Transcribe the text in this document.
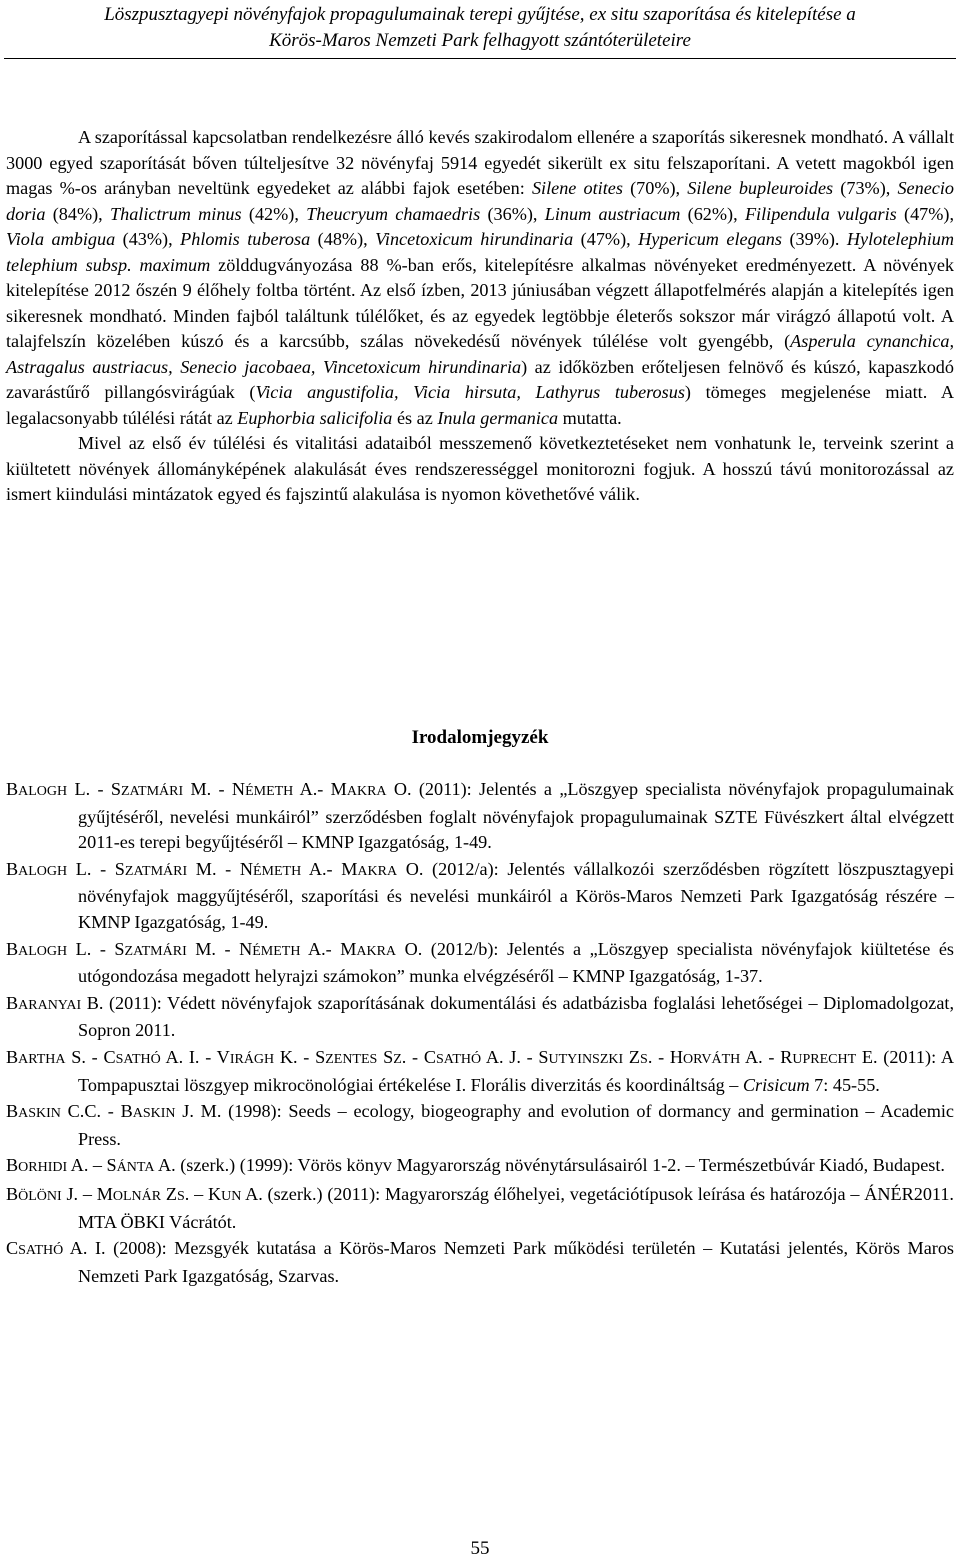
Löszpusztagyepi növényfajok propagulumainak terepi gyűjtése, ex situ szaporítása és kitelepítése a
Körös-Maros Nemzeti Park felhagyott szántóterületeire

A szaporítással kapcsolatban rendelkezésre álló kevés szakirodalom ellenére a szaporítás sikeresnek mondható. A vállalt 3000 egyed szaporítását bőven túlteljesítve 32 növényfaj 5914 egyedét sikerült ex situ felszaporítani. A vetett magokból igen magas %-os arányban neveltünk egyedeket az alábbi fajok esetében: Silene otites (70%), Silene bupleuroides (73%), Senecio doria (84%), Thalictrum minus (42%), Theucryum chamaedris (36%), Linum austriacum (62%), Filipendula vulgaris (47%), Viola ambigua (43%), Phlomis tuberosa (48%), Vincetoxicum hirundinaria (47%), Hypericum elegans (39%). Hylotelephium telephium subsp. maximum zölddugványozása 88 %-ban erős, kitelepítésre alkalmas növényeket eredményezett. A növények kitelepítése 2012 őszén 9 élőhely foltba történt. Az első ízben, 2013 júniusában végzett állapotfelmérés alapján a kitelepítés igen sikeresnek mondható. Minden fajból találtunk túlélőket, és az egyedek legtöbbje életerős sokszor már virágzó állapotú volt. A talajfelszín közelében kúszó és a karcsúbb, szálas növekedésű növények túlélése volt gyengébb, (Asperula cynanchica, Astragalus austriacus, Senecio jacobaea, Vincetoxicum hirundinaria) az időközben erőteljesen felnövő és kúszó, kapaszkodó zavarástűrő pillangósvirágúak (Vicia angustifolia, Vicia hirsuta, Lathyrus tuberosus) tömeges megjelenése miatt. A legalacsonyabb túlélési rátát az Euphorbia salicifolia és az Inula germanica mutatta.

Mivel az első év túlélési és vitalitási adataiból messzemenő következtetéseket nem vonhatunk le, terveink szerint a kiültetett növények állományképének alakulását éves rendszerességgel monitorozni fogjuk. A hosszú távú monitorozással az ismert kiindulási mintázatok egyed és fajszintű alakulása is nyomon követhetővé válik.

Irodalomjegyzék

BALOGH L. - SZATMÁRI M. - NÉMETH A.- MAKRA O. (2011): Jelentés a „Löszgyep specialista növényfajok propagulumainak gyűjtéséről, nevelési munkáiról” szerződésben foglalt növényfajok propagulumainak SZTE Füvészkert által elvégzett 2011-es terepi begyűjtéséről – KMNP Igazgatóság, 1-49.

BALOGH L. - SZATMÁRI M. - NÉMETH A.- MAKRA O. (2012/a): Jelentés vállalkozói szerződésben rögzített löszpusztagyepi növényfajok maggyűjtéséről, szaporítási és nevelési munkáiról a Körös-Maros Nemzeti Park Igazgatóság részére – KMNP Igazgatóság, 1-49.

BALOGH L. - SZATMÁRI M. - NÉMETH A.- MAKRA O. (2012/b): Jelentés a „Löszgyep specialista növényfajok kiültetése és utógondozása megadott helyrajzi számokon” munka elvégzéséről – KMNP Igazgatóság, 1-37.

BARANYAI B. (2011): Védett növényfajok szaporításának dokumentálási és adatbázisba foglalási lehetőségei – Diplomadolgozat, Sopron 2011.

BARTHA S. - CSATHÓ A. I. - VIRÁGH K. - SZENTES SZ. - CSATHÓ A. J. - SUTYINSZKI ZS. - HORVÁTH A. - RUPRECHT E. (2011): A Tompapusztai löszgyep mikrocönológiai értékelése I. Florális diverzitás és koordináltság – Crisicum 7: 45-55.

BASKIN C.C. - BASKIN J. M. (1998): Seeds – ecology, biogeography and evolution of dormancy and germination – Academic Press.

BORHIDI A. – SÁNTA A. (szerk.) (1999): Vörös könyv Magyarország növénytársulásairól 1-2. – Természetbúvár Kiadó, Budapest.

BÖLÖNI J. – MOLNÁR ZS. – KUN A. (szerk.) (2011): Magyarország élőhelyei, vegetációtípusok leírása és határozója – ÁNÉR2011. MTA ÖBKI Vácrátót.

CSATHÓ A. I. (2008): Mezsgyék kutatása a Körös-Maros Nemzeti Park működési területén – Kutatási jelentés, Körös Maros Nemzeti Park Igazgatóság, Szarvas.

55
